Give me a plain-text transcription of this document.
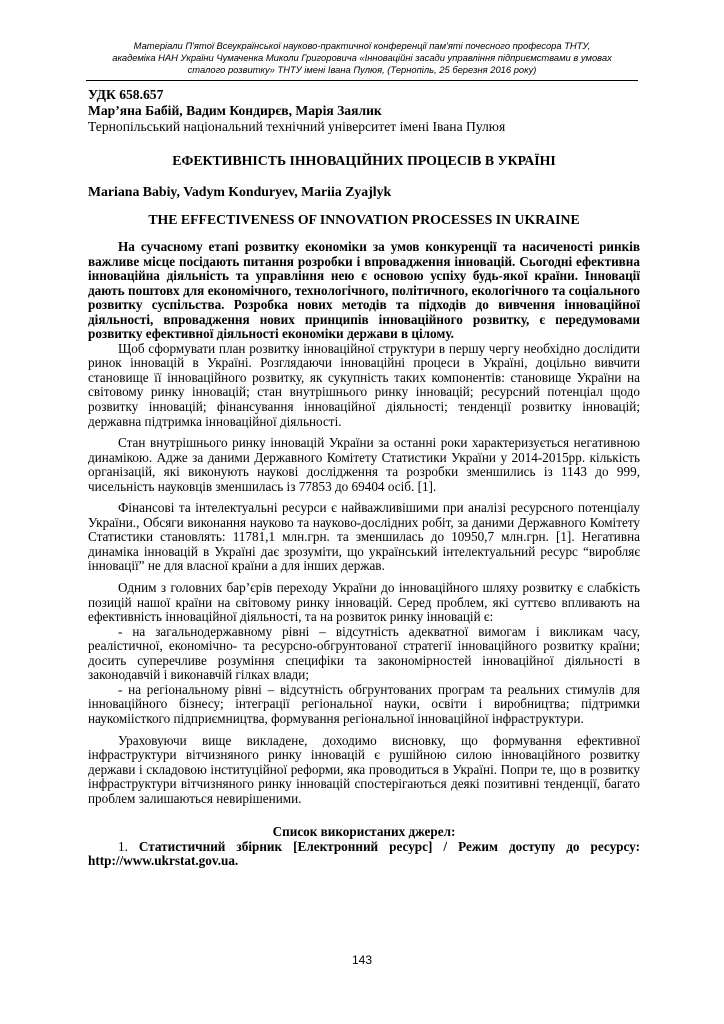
Матеріали П'ятої Всеукраїнської науково-практичної конференції пам'яті почесного професора ТНТУ,
академіка НАН України Чумаченка Миколи Григоровича «Інноваційні засади управління підприємствами в умовах
сталого розвитку» ТНТУ імені Івана Пулюя, (Тернопіль, 25 березня 2016 року)
УДК 658.657
Мар’яна Бабій, Вадим Кондирєв, Марія Заялик
Тернопільський національний технічний університет імені Івана Пулюя
ЕФЕКТИВНІСТЬ ІННОВАЦІЙНИХ ПРОЦЕСІВ В УКРАЇНІ
Mariana Babiy, Vadym Konduryev, Mariia Zyajlyk
THE EFFECTIVENESS OF INNOVATION PROCESSES IN UKRAINE

На сучасному етапі розвитку економіки за умов конкуренції та насиченості ринків важливе місце посідають питання розробки і впровадження інновацій. Сьогодні ефективна інноваційна діяльність та управління нею є основою успіху будь-якої країни. Інновації дають поштовх для економічного, технологічного, політичного, екологічного та соціального розвитку суспільства. Розробка нових методів та підходів до вивчення інноваційної діяльності, впровадження нових принципів інноваційного розвитку, є передумовами розвитку ефективної діяльності економіки держави в цілому.

Щоб сформувати план розвитку інноваційної структури в першу чергу необхідно дослідити ринок інновацій в Україні. Розглядаючи інноваційні процеси в Україні, доцільно вивчити становище її інноваційного розвитку, як сукупність таких компонентів: становище України на світовому ринку інновацій; стан внутрішнього ринку інновацій; ресурсний потенціал щодо розвитку інновацій; фінансування інноваційної діяльності; тенденції розвитку інновацій; державна підтримка інноваційної діяльності.

Стан внутрішнього ринку інновацій України за останні роки характеризується негативною динамікою. Адже за даними Державного Комітету Статистики України у 2014-2015рр. кількість організацій, які виконують наукові дослідження та розробки зменшились із 1143 до 999, чисельність науковців зменшилась із 77853 до 69404 осіб. [1].

Фінансові та інтелектуальні ресурси є найважливішими при аналізі ресурсного потенціалу України., Обсяги виконання науково та науково-дослідних робіт, за даними Державного Комітету Статистики становлять: 11781,1 млн.грн. та зменшилась до 10950,7 млн.грн. [1]. Негативна динаміка інновацій в Україні дає зрозуміти, що український інтелектуальний ресурс “виробляє інновації” не для власної країни а для інших держав.

Одним з головних бар’єрів переходу України до інноваційного шляху розвитку є слабкість позицій нашої країни на світовому ринку інновацій. Серед проблем, які суттєво впливають на ефективність інноваційної діяльності, та на розвиток ринку інновацій є:

- на загальнодержавному рівні – відсутність адекватної вимогам і викликам часу, реалістичної, економічно- та ресурсно-обгрунтованої стратегії інноваційного розвитку країни; досить суперечливе розуміння специфіки та закономірностей інноваційної діяльності в законодавчій і виконавчій гілках влади;

- на регіональному рівні – відсутність обгрунтованих програм та реальних стимулів для інноваційного бізнесу; інтеграції регіональної науки, освіти і виробництва; підтримки наукоміісткого підприємництва, формування регіональної інноваційної інфраструктури.

Ураховуючи вище викладене, доходимо висновку, що формування ефективної інфраструктури вітчизняного ринку інновацій є рушійною силою інноваційного розвитку держави і складовою інституційної реформи, яка проводиться в Україні. Попри те, що в розвитку інфраструктури вітчизняного ринку інновацій спостерігаються деякі позитивні тенденції, багато проблем залишаються невирішеними.

Список використаних джерел:

1. Статистичний збірник [Електронний ресурс] / Режим доступу до ресурсу: http://www.ukrstat.gov.ua.

143
